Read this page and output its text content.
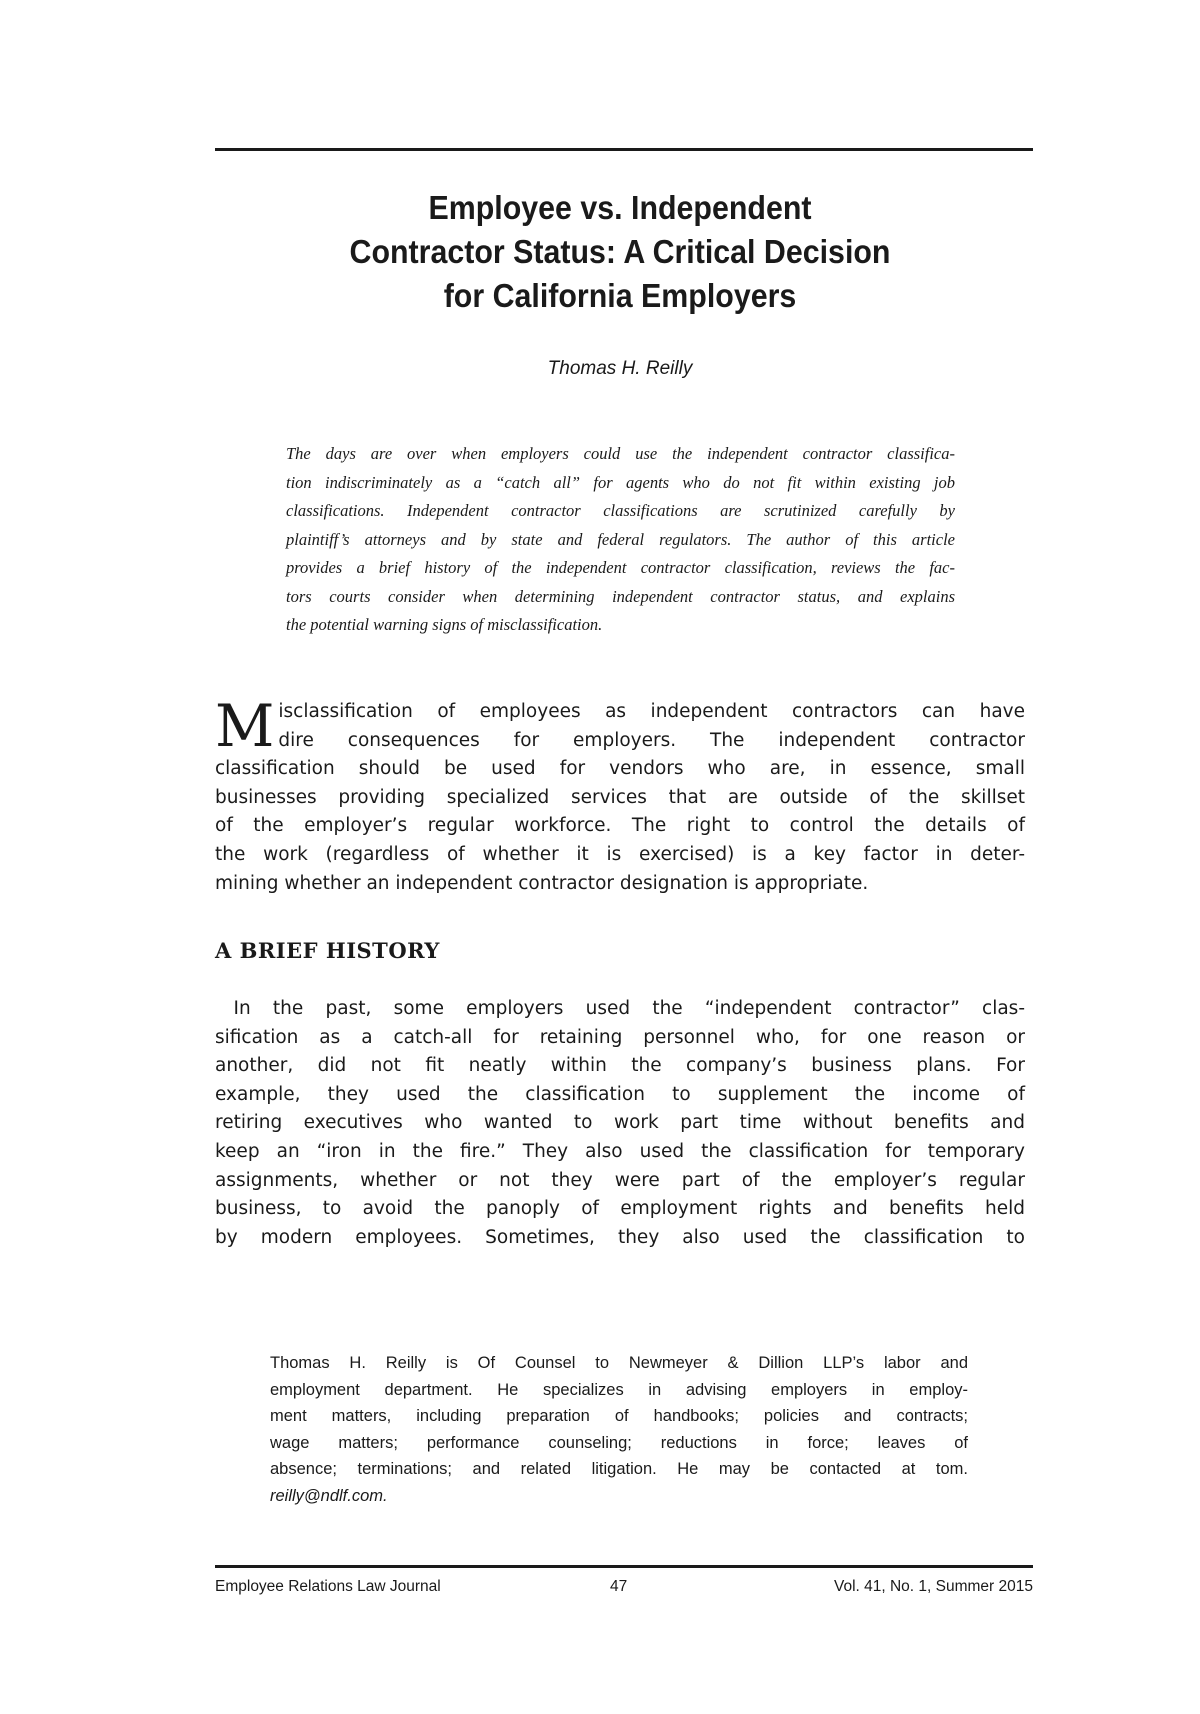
Employee vs. Independent
Contractor Status: A Critical Decision
for California Employers
Thomas H. Reilly
The days are over when employers could use the independent contractor classifica-
tion indiscriminately as a “catch all” for agents who do not fit within existing job
classifications. Independent contractor classifications are scrutinized carefully by
plaintiff’s attorneys and by state and federal regulators. The author of this article
provides a brief history of the independent contractor classification, reviews the fac-
tors courts consider when determining independent contractor status, and explains
the potential warning signs of misclassification.
M isclassification of employees as independent contractors can have
dire consequences for employers. The independent contractor
classification should be used for vendors who are, in essence, small
businesses providing specialized services that are outside of the skillset
of the employer’s regular workforce. The right to control the details of
the work (regardless of whether it is exercised) is a key factor in deter-
mining whether an independent contractor designation is appropriate.
A BRIEF HISTORY
 In the past, some employers used the “independent contractor” clas-
sification as a catch-all for retaining personnel who, for one reason or
another, did not fit neatly within the company’s business plans. For
example, they used the classification to supplement the income of
retiring executives who wanted to work part time without benefits and
keep an “iron in the fire.” They also used the classification for temporary
assignments, whether or not they were part of the employer’s regular
business, to avoid the panoply of employment rights and benefits held
by modern employees. Sometimes, they also used the classification to
Thomas H. Reilly is Of Counsel to Newmeyer & Dillion LLP’s labor and
employment department. He specializes in advising employers in employ-
ment matters, including preparation of handbooks; policies and contracts;
wage matters; performance counseling; reductions in force; leaves of
absence; terminations; and related litigation. He may be contacted at tom.
reilly@ndlf.com.
Employee Relations Law Journal	47	Vol. 41, No. 1, Summer 2015
